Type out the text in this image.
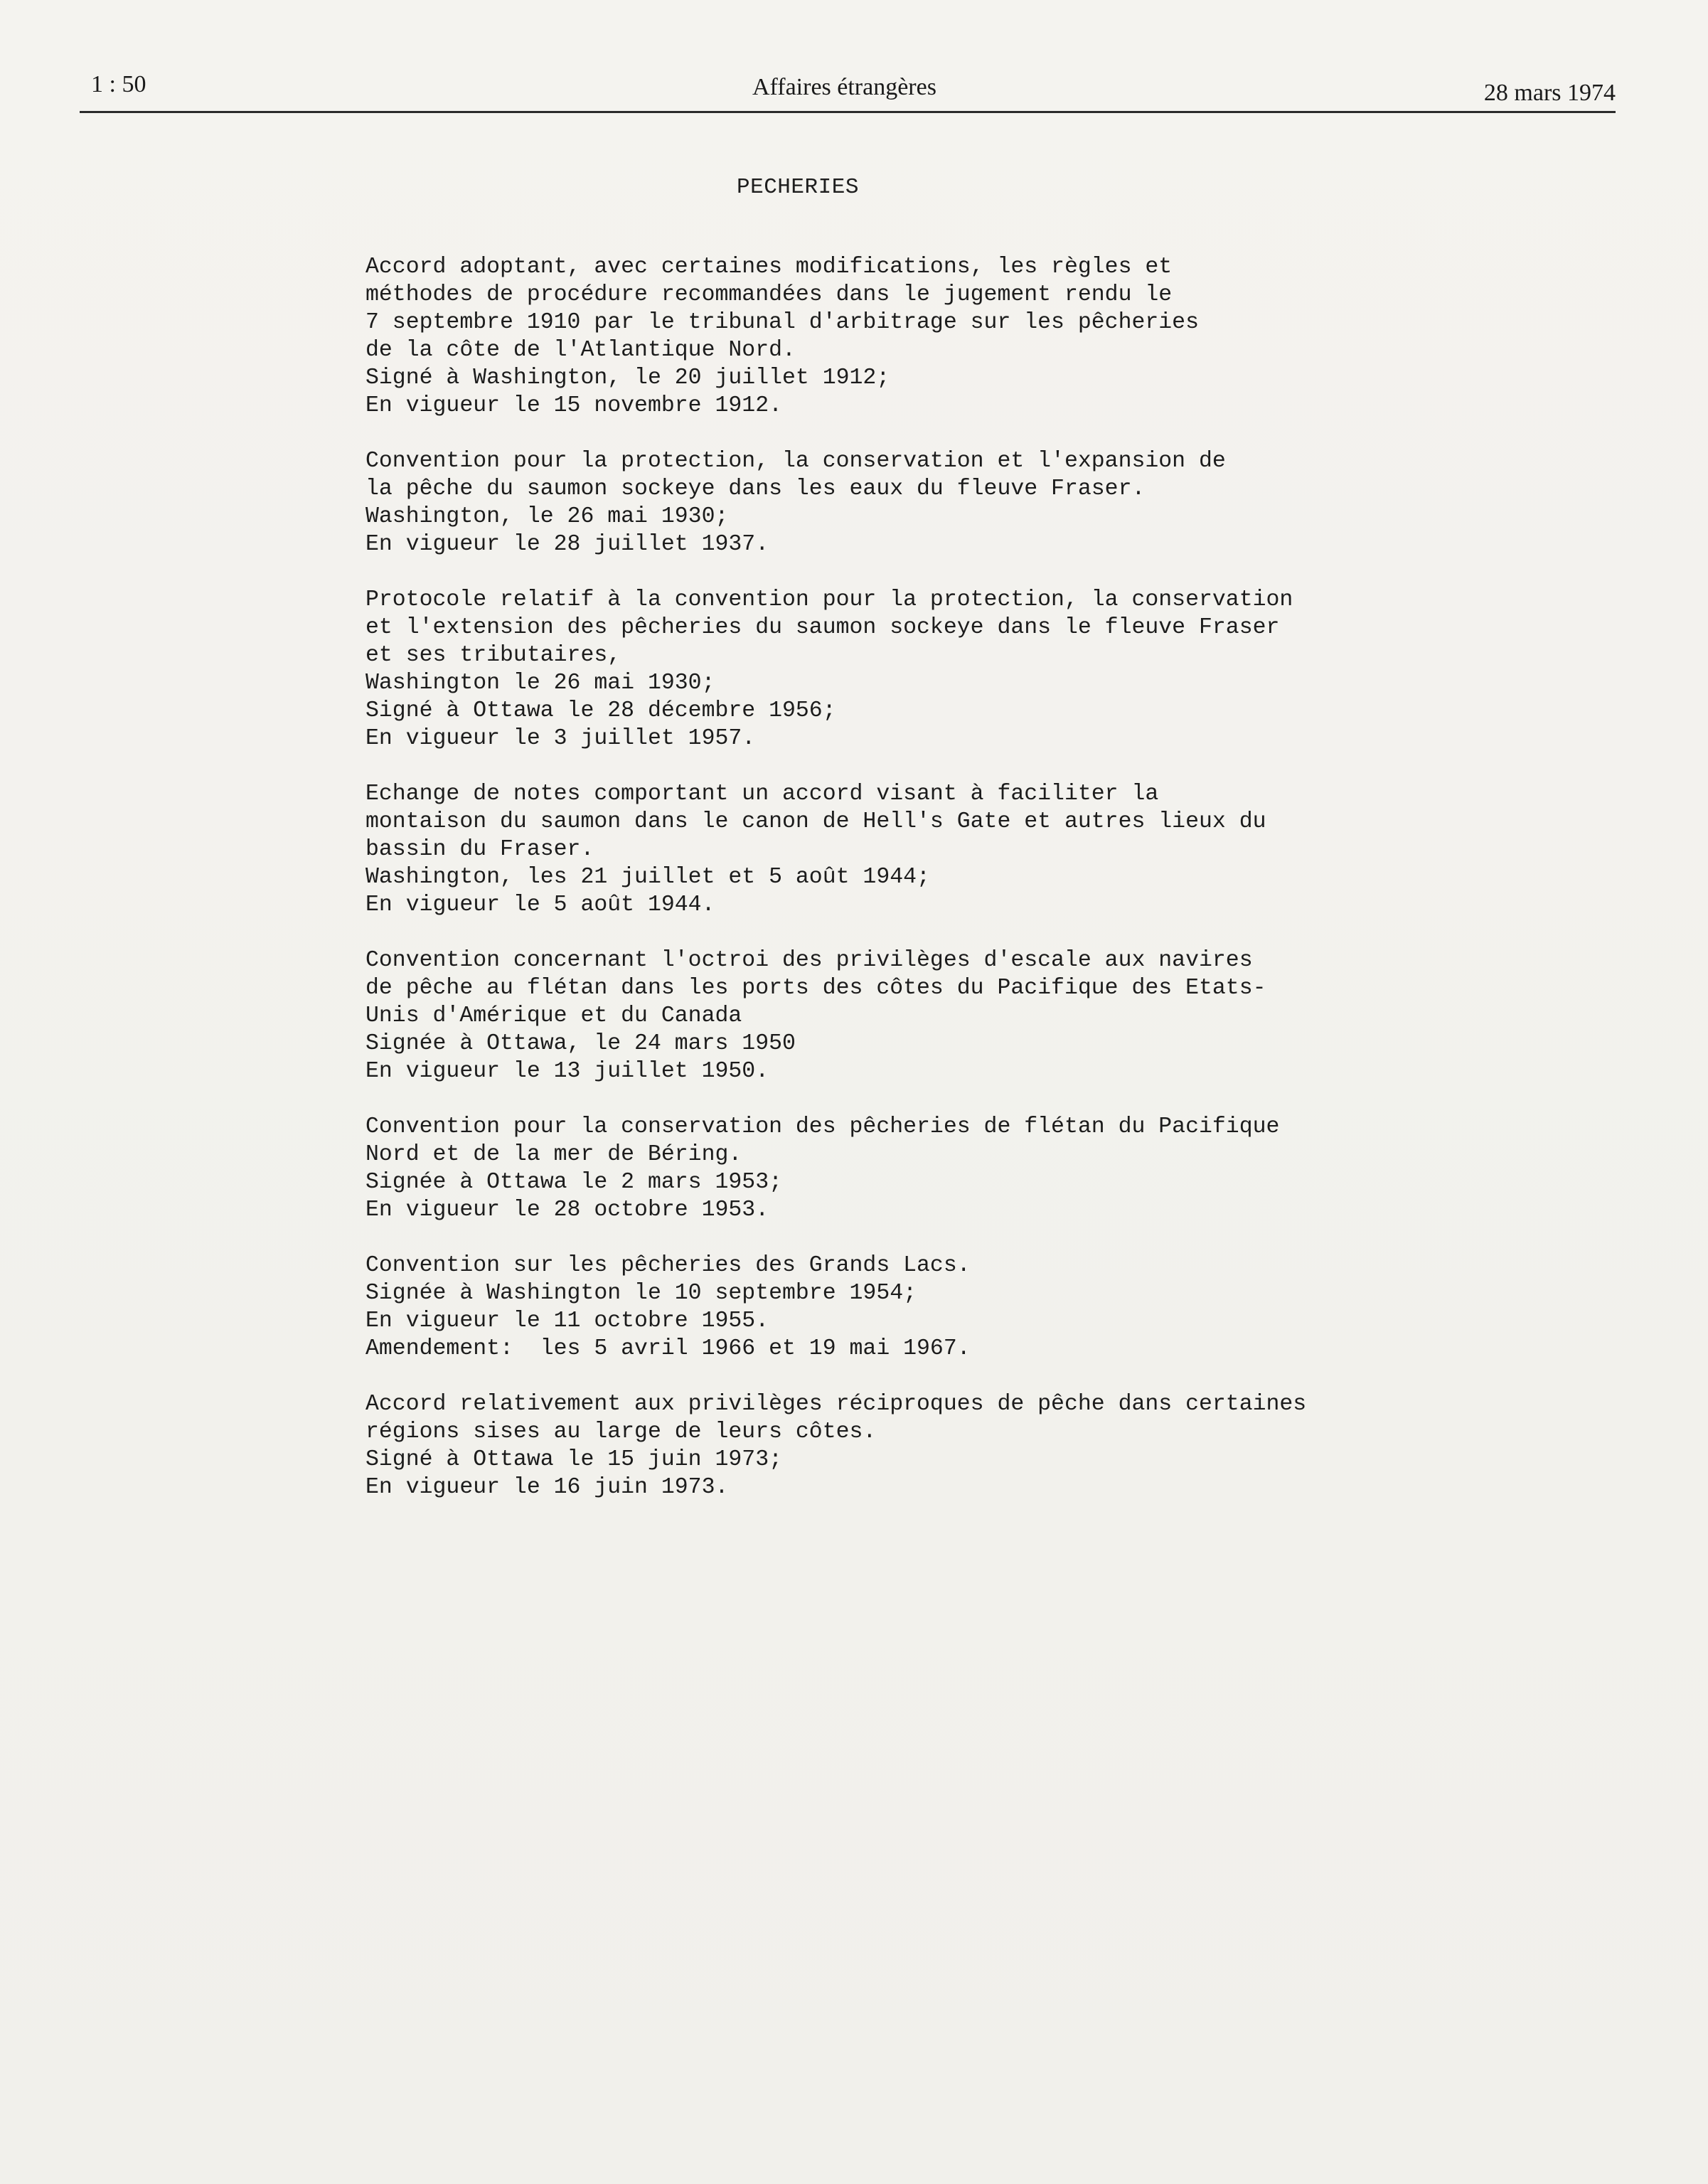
1 : 50	Affaires étrangères	28 mars 1974
PECHERIES
Accord adoptant, avec certaines modifications, les règles et
méthodes de procédure recommandées dans le jugement rendu le
7 septembre 1910 par le tribunal d'arbitrage sur les pêcheries
de la côte de l'Atlantique Nord.
Signé à Washington, le 20 juillet 1912;
En vigueur le 15 novembre 1912.
Convention pour la protection, la conservation et l'expansion de
la pêche du saumon sockeye dans les eaux du fleuve Fraser.
Washington, le 26 mai 1930;
En vigueur le 28 juillet 1937.
Protocole relatif à la convention pour la protection, la conservation
et l'extension des pêcheries du saumon sockeye dans le fleuve Fraser
et ses tributaires,
Washington le 26 mai 1930;
Signé à Ottawa le 28 décembre 1956;
En vigueur le 3 juillet 1957.
Echange de notes comportant un accord visant à faciliter la
montaison du saumon dans le canon de Hell's Gate et autres lieux du
bassin du Fraser.
Washington, les 21 juillet et 5 août 1944;
En vigueur le 5 août 1944.
Convention concernant l'octroi des privilèges d'escale aux navires
de pêche au flétan dans les ports des côtes du Pacifique des Etats-
Unis d'Amérique et du Canada
Signée à Ottawa, le 24 mars 1950
En vigueur le 13 juillet 1950.
Convention pour la conservation des pêcheries de flétan du Pacifique
Nord et de la mer de Béring.
Signée à Ottawa le 2 mars 1953;
En vigueur le 28 octobre 1953.
Convention sur les pêcheries des Grands Lacs.
Signée à Washington le 10 septembre 1954;
En vigueur le 11 octobre 1955.
Amendement:  les 5 avril 1966 et 19 mai 1967.
Accord relativement aux privilèges réciproques de pêche dans certaines
régions sises au large de leurs côtes.
Signé à Ottawa le 15 juin 1973;
En vigueur le 16 juin 1973.
